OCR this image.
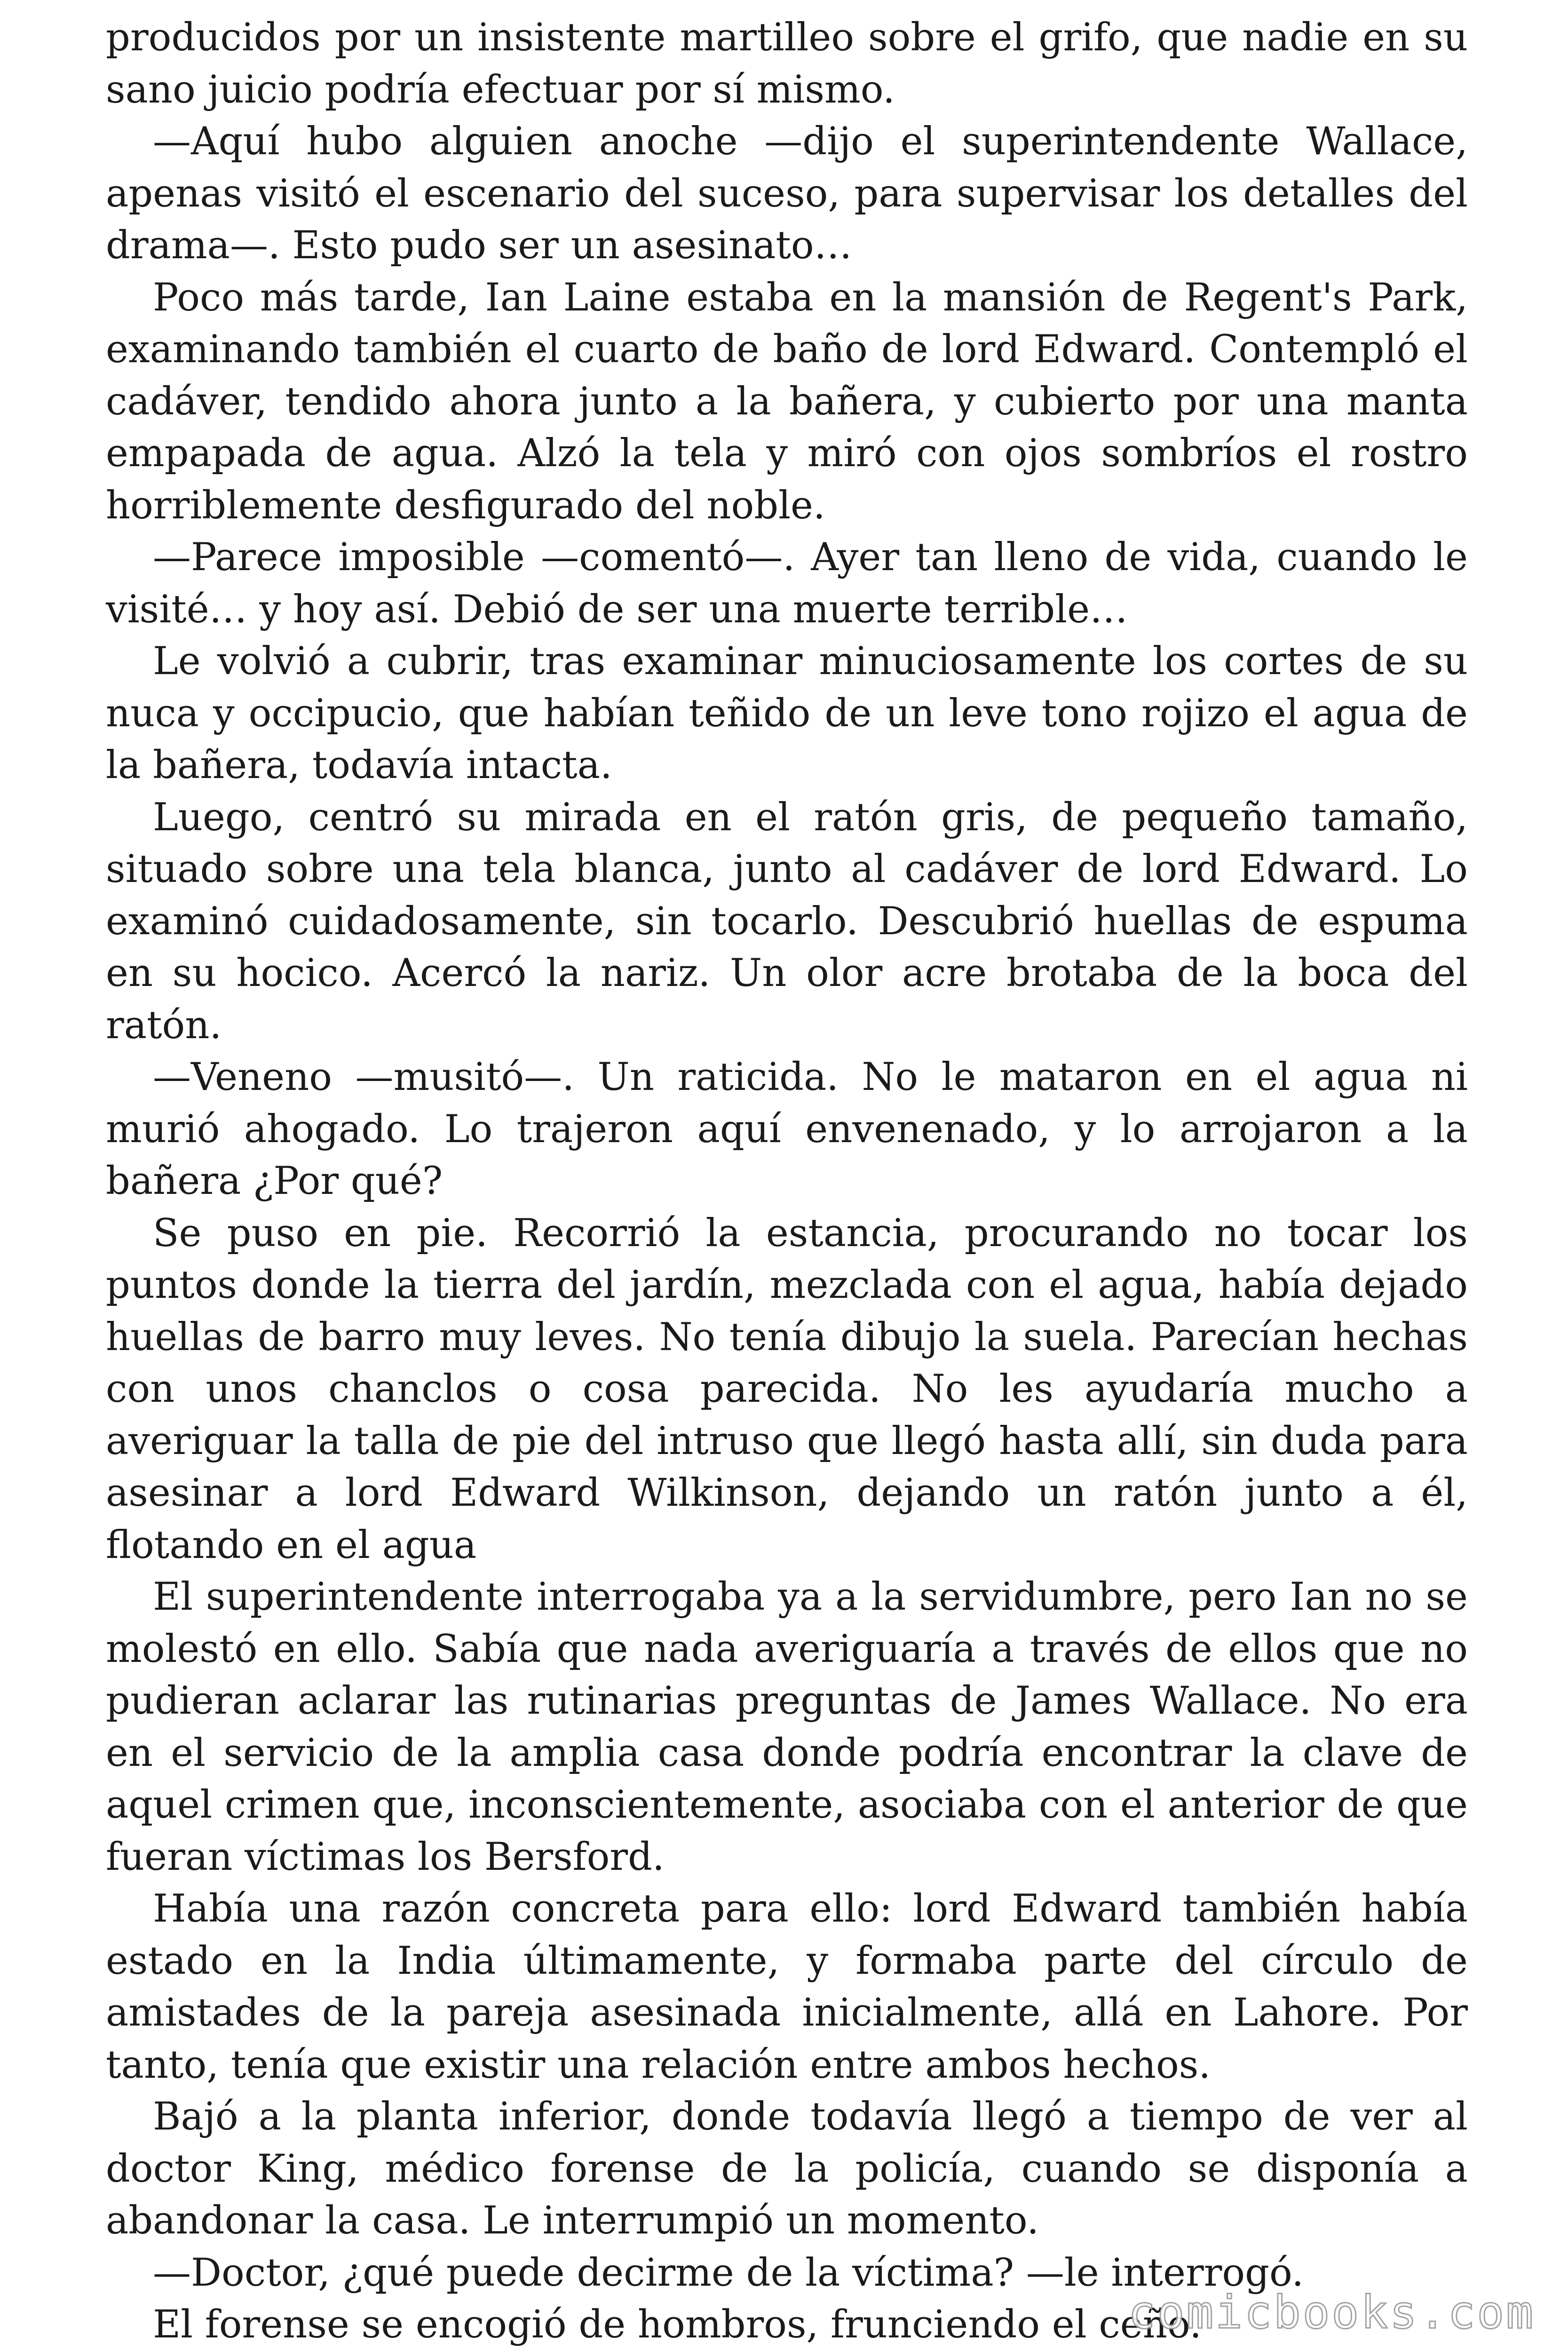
producidos por un insistente martilleo sobre el grifo, que nadie en su sano juicio podría efectuar por sí mismo.

—Aquí hubo alguien anoche —dijo el superintendente Wallace, apenas visitó el escenario del suceso, para supervisar los detalles del drama—. Esto pudo ser un asesinato…

Poco más tarde, Ian Laine estaba en la mansión de Regent's Park, examinando también el cuarto de baño de lord Edward. Contempló el cadáver, tendido ahora junto a la bañera, y cubierto por una manta empapada de agua. Alzó la tela y miró con ojos sombríos el rostro horriblemente desfigurado del noble.

—Parece imposible —comentó—. Ayer tan lleno de vida, cuando le visité… y hoy así. Debió de ser una muerte terrible…

Le volvió a cubrir, tras examinar minuciosamente los cortes de su nuca y occipucio, que habían teñido de un leve tono rojizo el agua de la bañera, todavía intacta.

Luego, centró su mirada en el ratón gris, de pequeño tamaño, situado sobre una tela blanca, junto al cadáver de lord Edward. Lo examinó cuidadosamente, sin tocarlo. Descubrió huellas de espuma en su hocico. Acercó la nariz. Un olor acre brotaba de la boca del ratón.

—Veneno —musitó—. Un raticida. No le mataron en el agua ni murió ahogado. Lo trajeron aquí envenenado, y lo arrojaron a la bañera ¿Por qué?

Se puso en pie. Recorrió la estancia, procurando no tocar los puntos donde la tierra del jardín, mezclada con el agua, había dejado huellas de barro muy leves. No tenía dibujo la suela. Parecían hechas con unos chanclos o cosa parecida. No les ayudaría mucho a averiguar la talla de pie del intruso que llegó hasta allí, sin duda para asesinar a lord Edward Wilkinson, dejando un ratón junto a él, flotando en el agua

El superintendente interrogaba ya a la servidumbre, pero Ian no se molestó en ello. Sabía que nada averiguaría a través de ellos que no pudieran aclarar las rutinarias preguntas de James Wallace. No era en el servicio de la amplia casa donde podría encontrar la clave de aquel crimen que, inconscientemente, asociaba con el anterior de que fueran víctimas los Bersford.

Había una razón concreta para ello: lord Edward también había estado en la India últimamente, y formaba parte del círculo de amistades de la pareja asesinada inicialmente, allá en Lahore. Por tanto, tenía que existir una relación entre ambos hechos.

Bajó a la planta inferior, donde todavía llegó a tiempo de ver al doctor King, médico forense de la policía, cuando se disponía a abandonar la casa. Le interrumpió un momento.

—Doctor, ¿qué puede decirme de la víctima? —le interrogó.

El forense se encogió de hombros, frunciendo el ceño.

comicbooks.com
